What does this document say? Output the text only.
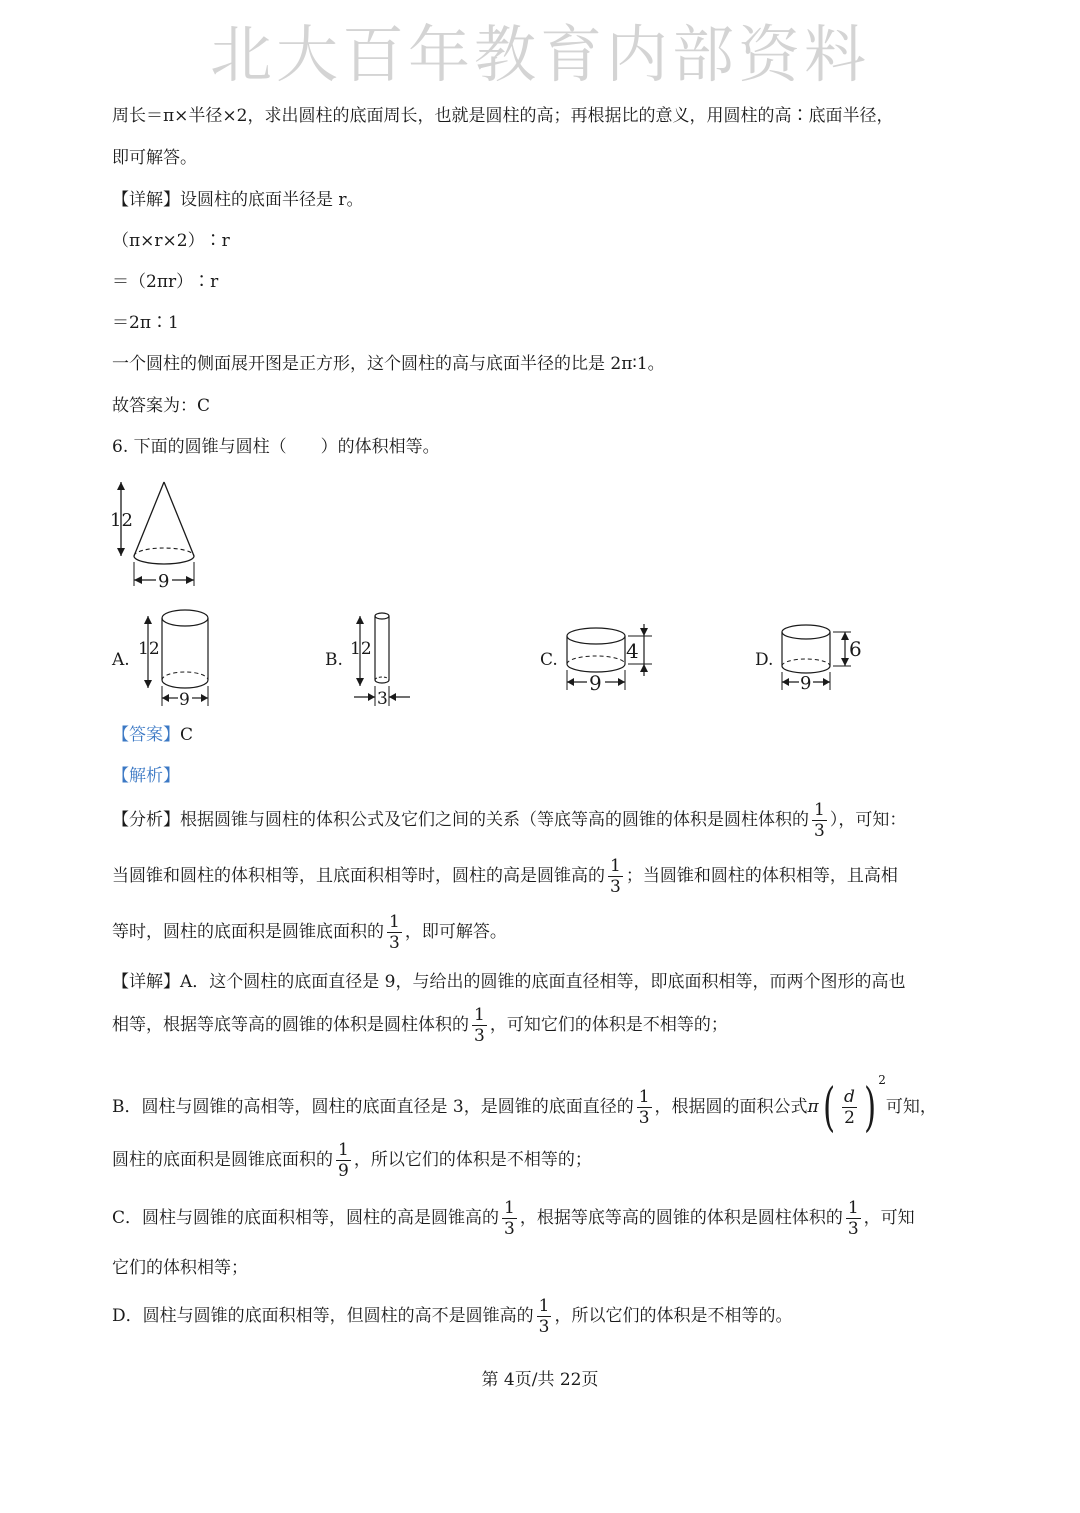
北大百年教育内部资料
周长＝π×半径×2，求出圆柱的底面周长，也就是圆柱的高；再根据比的意义，用圆柱的高∶底面半径，
即可解答。
【详解】设圆柱的底面半径是 r。
（π×r×2）∶r
＝（2πr）∶r
＝2π∶1
一个圆柱的侧面展开图是正方形，这个圆柱的高与底面半径的比是 2π∶1。
故答案为：C
6. 下面的圆锥与圆柱（　　）的体积相等。
12
9
A.
12
9
B.
12
3
C.	4
9
D.	6
9
【答案】C
【解析】
【分析】根据圆锥与圆柱的体积公式及它们之间的关系（等底等高的圆锥的体积是圆柱体积的 $\frac{1}{3}$ ），可知：
当圆锥和圆柱的体积相等，且底面积相等时，圆柱的高是圆锥高的 $\frac{1}{3}$ ；当圆锥和圆柱的体积相等，且高相
等时，圆柱的底面积是圆锥底面积的 $\frac{1}{3}$ ，即可解答。
【详解】A．这个圆柱的底面直径是 9，与给出的圆锥的底面直径相等，即底面积相等，而两个图形的高也
相等，根据等底等高的圆锥的体积是圆柱体积的 $\frac{1}{3}$ ，可知它们的体积是不相等的；
B．圆柱与圆锥的高相等，圆柱的底面直径是 3，是圆锥的底面直径的 $\frac{1}{3}$ ，根据圆的面积公式$\pi( \frac{d}{2}$ ) $^2$可知，
圆柱的底面积是圆锥底面积的 $\frac{1}{9}$ ，所以它们的体积是不相等的；
C．圆柱与圆锥的底面积相等，圆柱的高是圆锥高的 $\frac{1}{3}$ ，根据等底等高的圆锥的体积是圆柱体积的 $\frac{1}{3}$ ，可知
它们的体积相等；
D．圆柱与圆锥的底面积相等，但圆柱的高不是圆锥高的 $\frac{1}{3}$ ，所以它们的体积是不相等的。
第 4页/共 22页
